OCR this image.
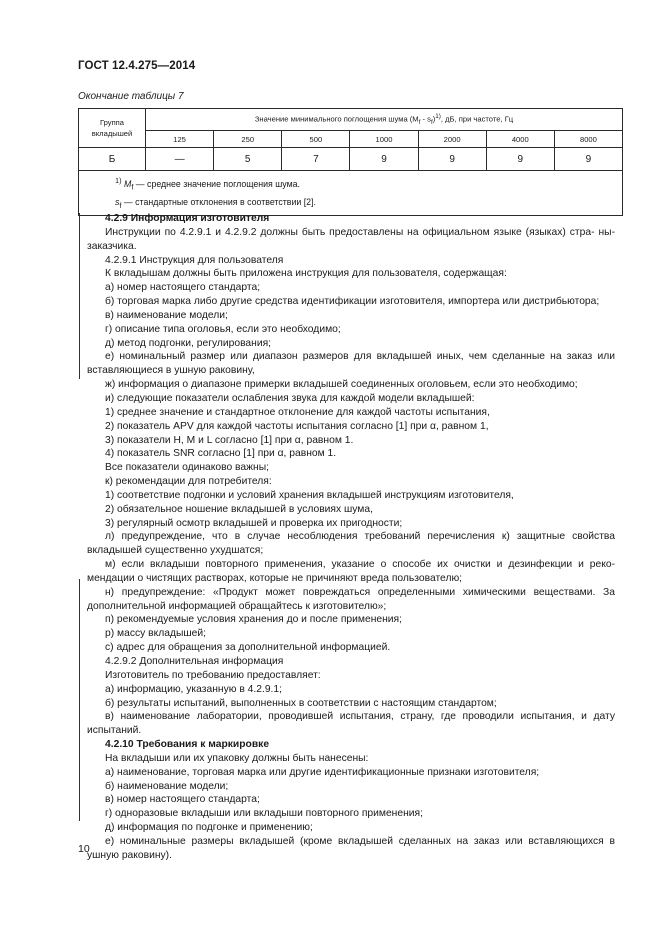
ГОСТ 12.4.275—2014
Окончание таблицы 7
Группа
вкладышей	Значение минимального поглощения шума $(M_f - s_f)^{1)}$, дБ, при частоте, Гц						
	125	250	500	1000	2000	4000	8000
Б	—	5	7	9	9	9	9

$^{1)}$ $M_f$ — среднее значение поглощения шума.
$s_f$ — стандартные отклонения в соответствии [2].							

4.2.9 Информация изготовителя

Инструкции по 4.2.9.1 и 4.2.9.2 должны быть предоставлены на официальном языке (языках) стра- ны-заказчика.

4.2.9.1 Инструкция для пользователя

К вкладышам должны быть приложена инструкция для пользователя, содержащая:

а) номер настоящего стандарта;

б) торговая марка либо другие средства идентификации изготовителя, импортера или дистрибьютора;

в) наименование модели;

г) описание типа оголовья, если это необходимо;

д) метод подгонки, регулирования;

е) номинальный размер или диапазон размеров для вкладышей иных, чем сделанные на заказ или вставляющиеся в ушную раковину,

ж) информация о диапазоне примерки вкладышей соединенных оголовьем, если это необходимо;

и) следующие показатели ослабления звука для каждой модели вкладышей:

1) среднее значение и стандартное отклонение для каждой частоты испытания,

2) показатель APV для каждой частоты испытания согласно [1] при α, равном 1,

3) показатели H, M и L согласно [1] при α, равном 1.

4) показатель SNR согласно [1] при α, равном 1.

Все показатели одинаково важны;

к) рекомендации для потребителя:

1) соответствие подгонки и условий хранения вкладышей инструкциям изготовителя,

2) обязательное ношение вкладышей в условиях шума,

3) регулярный осмотр вкладышей и проверка их пригодности;

л) предупреждение, что в случае несоблюдения требований перечисления к) защитные свойства вкладышей существенно ухудшатся;

м) если вкладыши повторного применения, указание о способе их очистки и дезинфекции и реко- мендации о чистящих растворах, которые не причиняют вреда пользователю;

н) предупреждение: «Продукт может повреждаться определенными химическими веществами. За дополнительной информацией обращайтесь к изготовителю»;

п) рекомендуемые условия хранения до и после применения;

р) массу вкладышей;

с) адрес для обращения за дополнительной информацией.

4.2.9.2 Дополнительная информация

Изготовитель по требованию предоставляет:

а) информацию, указанную в 4.2.9.1;

б) результаты испытаний, выполненных в соответствии с настоящим стандартом;

в) наименование лаборатории, проводившей испытания, страну, где проводили испытания, и дату испытаний.

4.2.10 Требования к маркировке

На вкладыши или их упаковку должны быть нанесены:

а) наименование, торговая марка или другие идентификационные признаки изготовителя;

б) наименование модели;

в) номер настоящего стандарта;

г) одноразовые вкладыши или вкладыши повторного применения;

д) информация по подгонке и применению;

е) номинальные размеры вкладышей (кроме вкладышей сделанных на заказ или вставляющихся в ушную раковину).

10
